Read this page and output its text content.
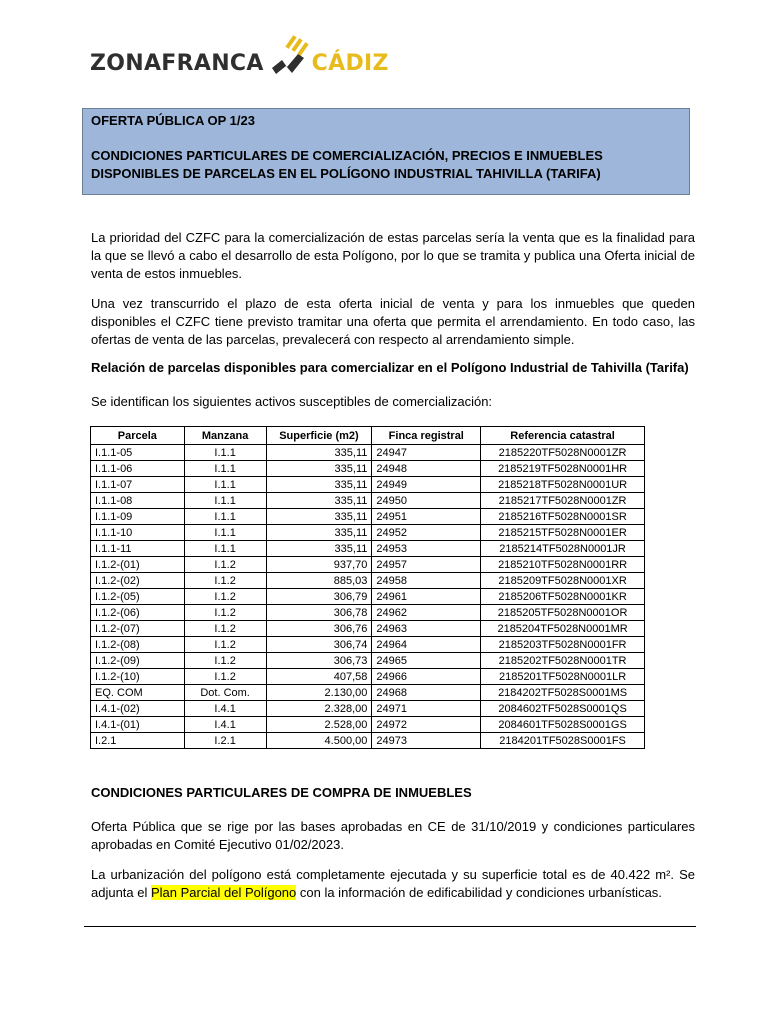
ZONAFRANCA CÁDIZ

OFERTA PÚBLICA OP 1/23

CONDICIONES PARTICULARES DE COMERCIALIZACIÓN, PRECIOS E INMUEBLES DISPONIBLES DE PARCELAS EN EL POLÍGONO INDUSTRIAL TAHIVILLA (TARIFA)

La prioridad del CZFC para la comercialización de estas parcelas sería la venta que es la finalidad para la que se llevó a cabo el desarrollo de esta Polígono, por lo que se tramita y publica una Oferta inicial de venta de estos inmuebles.

Una vez transcurrido el plazo de esta oferta inicial de venta y para los inmuebles que queden disponibles el CZFC tiene previsto tramitar una oferta que permita el arrendamiento. En todo caso, las ofertas de venta de las parcelas, prevalecerá con respecto al arrendamiento simple.

Relación de parcelas disponibles para comercializar en el Polígono Industrial de Tahivilla (Tarifa)

Se identifican los siguientes activos susceptibles de comercialización:

Parcela	Manzana	Superficie (m2)	Finca registral	Referencia catastral
I.1.1-05	I.1.1	335,11	24947	2185220TF5028N0001ZR
I.1.1-06	I.1.1	335,11	24948	2185219TF5028N0001HR
I.1.1-07	I.1.1	335,11	24949	2185218TF5028N0001UR
I.1.1-08	I.1.1	335,11	24950	2185217TF5028N0001ZR
I.1.1-09	I.1.1	335,11	24951	2185216TF5028N0001SR
I.1.1-10	I.1.1	335,11	24952	2185215TF5028N0001ER
I.1.1-11	I.1.1	335,11	24953	2185214TF5028N0001JR
I.1.2-(01)	I.1.2	937,70	24957	2185210TF5028N0001RR
I.1.2-(02)	I.1.2	885,03	24958	2185209TF5028N0001XR
I.1.2-(05)	I.1.2	306,79	24961	2185206TF5028N0001KR
I.1.2-(06)	I.1.2	306,78	24962	2185205TF5028N0001OR
I.1.2-(07)	I.1.2	306,76	24963	2185204TF5028N0001MR
I.1.2-(08)	I.1.2	306,74	24964	2185203TF5028N0001FR
I.1.2-(09)	I.1.2	306,73	24965	2185202TF5028N0001TR
I.1.2-(10)	I.1.2	407,58	24966	2185201TF5028N0001LR
EQ. COM	Dot. Com.	2.130,00	24968	2184202TF5028S0001MS
I.4.1-(02)	I.4.1	2.328,00	24971	2084602TF5028S0001QS
I.4.1-(01)	I.4.1	2.528,00	24972	2084601TF5028S0001GS
I.2.1	I.2.1	4.500,00	24973	2184201TF5028S0001FS

CONDICIONES PARTICULARES DE COMPRA DE INMUEBLES

Oferta Pública que se rige por las bases aprobadas en CE de 31/10/2019 y condiciones particulares aprobadas en Comité Ejecutivo 01/02/2023.

La urbanización del polígono está completamente ejecutada y su superficie total es de 40.422 m². Se adjunta el Plan Parcial del Polígono con la información de edificabilidad y condiciones urbanísticas.
